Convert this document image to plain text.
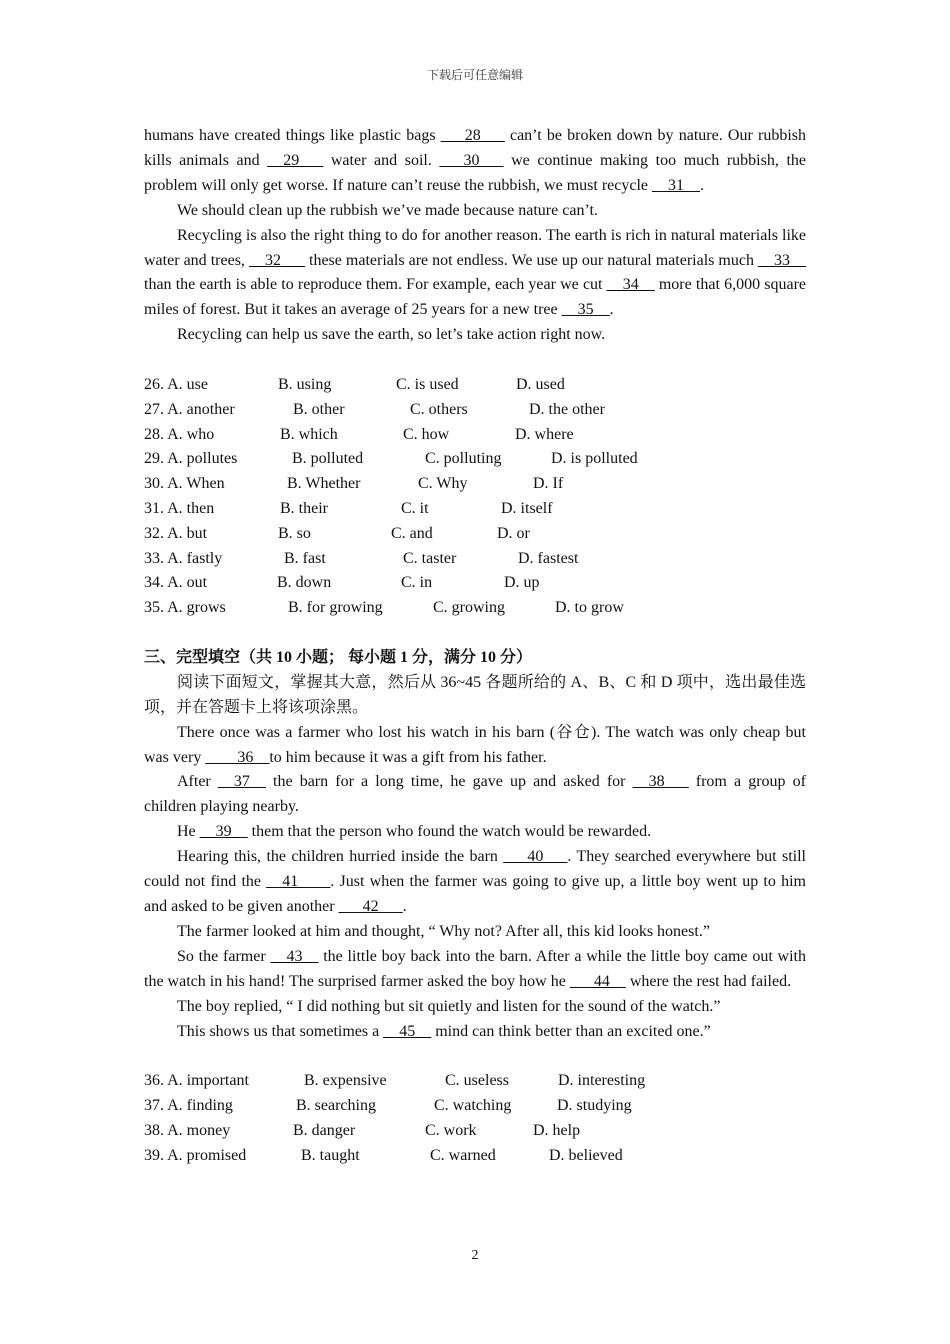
下载后可任意编辑

humans have created things like plastic bags ___28___ can’t be broken down by nature. Our rubbish kills animals and __29___ water and soil. ___30___ we continue making too much rubbish, the problem will only get worse. If nature can’t reuse the rubbish, we must recycle __31__.

We should clean up the rubbish we’ve made because nature can’t.

Recycling is also the right thing to do for another reason. The earth is rich in natural materials like water and trees, __32___ these materials are not endless. We use up our natural materials much __33__ than the earth is able to reproduce them. For example, each year we cut __34__ more that 6,000 square miles of forest. But it takes an average of 25 years for a new tree __35__.

Recycling can help us save the earth, so let’s take action right now.

26. A. use	B. using	C. is used	D. used
27. A. another	B. other	C. others	D. the other
28. A. who	B. which	C. how	D. where
29. A. pollutes	B. polluted	C. polluting	D. is polluted
30. A. When	B. Whether	C. Why	D. If
31. A. then	B. their	C. it	D. itself
32. A. but	B. so	C. and	D. or
33. A. fastly	B. fast	C. taster	D. fastest
34. A. out	B. down	C. in	D. up
35. A. grows	B. for growing	C. growing	D. to grow

三、完型填空（共 10 小题； 每小题 1 分，满分 10 分）

阅读下面短文，掌握其大意，然后从 36~45 各题所给的 A、B、C 和 D 项中，选出最佳选项，并在答题卡上将该项涂黑。

There once was a farmer who lost his watch in his barn (谷仓). The watch was only cheap but was very ____36__to him because it was a gift from his father.

After __37__ the barn for a long time, he gave up and asked for __38___ from a group of children playing nearby.

He __39__ them that the person who found the watch would be rewarded.

Hearing this, the children hurried inside the barn ___40___. They searched everywhere but still could not find the __41____. Just when the farmer was going to give up, a little boy went up to him and asked to be given another ___42___.

The farmer looked at him and thought, “ Why not? After all, this kid looks honest.”

So the farmer __43__ the little boy back into the barn. After a while the little boy came out with the watch in his hand! The surprised farmer asked the boy how he ___44__ where the rest had failed.

The boy replied, “ I did nothing but sit quietly and listen for the sound of the watch.”

This shows us that sometimes a __45__ mind can think better than an excited one.”

36. A. important	B. expensive	C. useless	D. interesting
37. A. finding	B. searching	C. watching	D. studying
38. A. money	B. danger	C. work	D. help
39. A. promised	B. taught	C. warned	D. believed
2
